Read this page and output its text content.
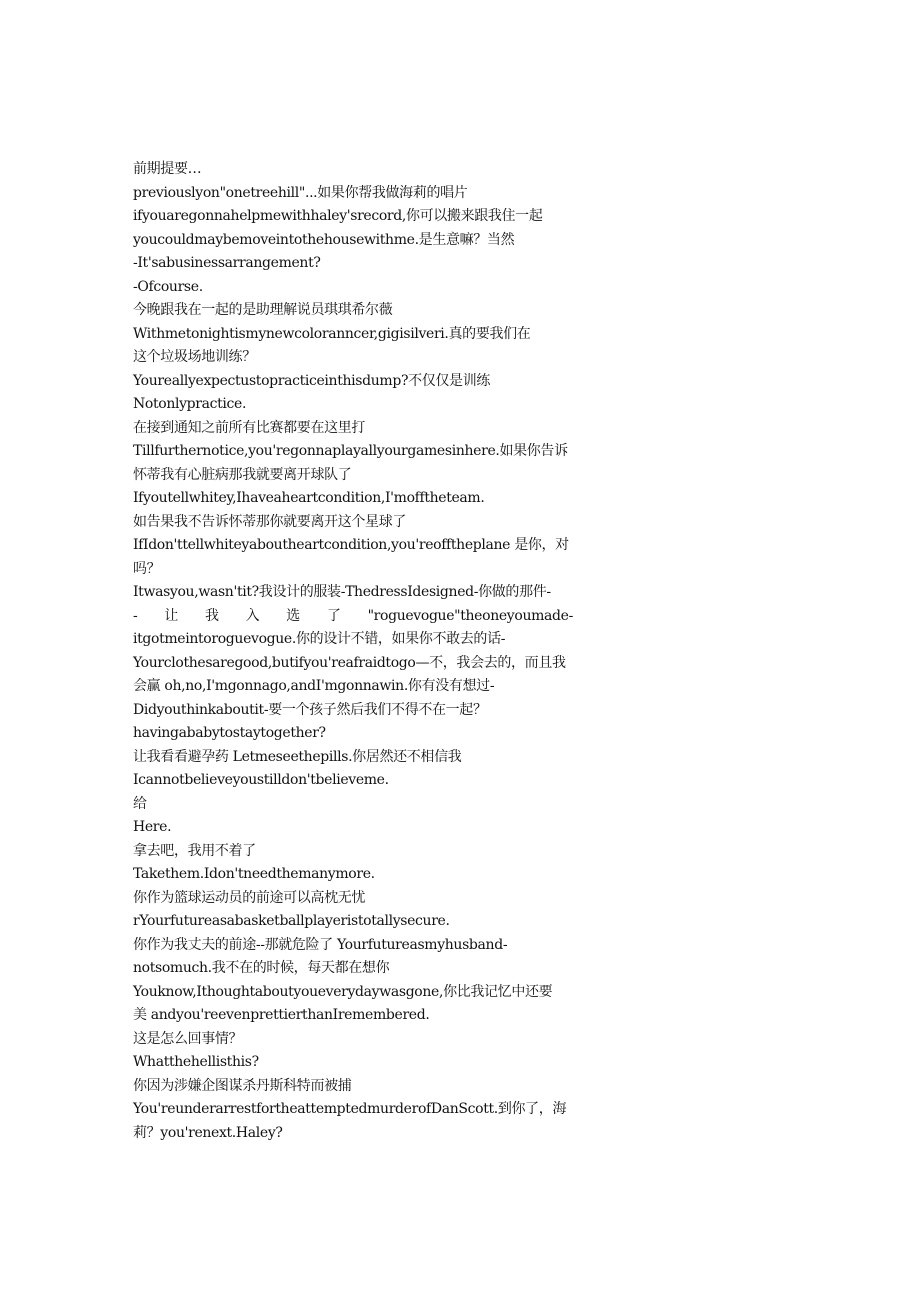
前期提要…
previouslyon"onetreehill"...如果你帮我做海莉的唱片
ifyouaregonnahelpmewithhaley'srecord,你可以搬来跟我住一起
youcouldmaybemoveintothehousewithme.是生意嘛？当然
-It'sabusinessarrangement?
-Ofcourse.
今晚跟我在一起的是助理解说员琪琪希尔薇
Withmetonightismynewcoloranncer,gigisilveri.真的要我们在
这个垃圾场地训练？
Youreallyexpectustopracticeinthisdump?不仅仅是训练
Notonlypractice.
在接到通知之前所有比赛都要在这里打
Tillfurthernotice,you'regonnaplayallyourgamesinhere.如果你告诉
怀蒂我有心脏病那我就要离开球队了
Ifyoutellwhitey,Ihaveaheartcondition,I'mofftheteam.
如告果我不告诉怀蒂那你就要离开这个星球了
IfIdon'ttellwhiteyaboutheartcondition,you'reofftheplane 是你，对
吗？
Itwasyou,wasn'tit?我设计的服装-ThedressIdesigned-你做的那件-
- 让 我 入 选 了 "roguevogue"theoneyoumade-
itgotmeintoroguevogue.你的设计不错，如果你不敢去的话-
Yourclothesaregood,butifyou'reafraidtogo—不，我会去的，而且我
会赢 oh,no,I'mgonnago,andI'mgonnawin.你有没有想过-
Didyouthinkaboutit-要一个孩子然后我们不得不在一起？
havingababytostaytogether?
让我看看避孕药 Letmeseethepills.你居然还不相信我
Icannotbelieveyoustilldon'tbelieveme.
给
Here.
拿去吧，我用不着了
Takethem.Idon'tneedthemanymore.
你作为篮球运动员的前途可以高枕无忧
rYourfutureasabasketballplayeristotallysecure.
你作为我丈夫的前途--那就危险了 Yourfutureasmyhusband-
notsomuch.我不在的时候，每天都在想你
Youknow,Ithoughtaboutyoueverydaywasgone,你比我记忆中还要
美 andyou'reevenprettierthanIremembered.
这是怎么回事情？
Whatthehellisthis?
你因为涉嫌企图谋杀丹斯科特而被捕
You'reunderarrestfortheattemptedmurderofDanScott.到你了，海
莉？you'renext.Haley?
